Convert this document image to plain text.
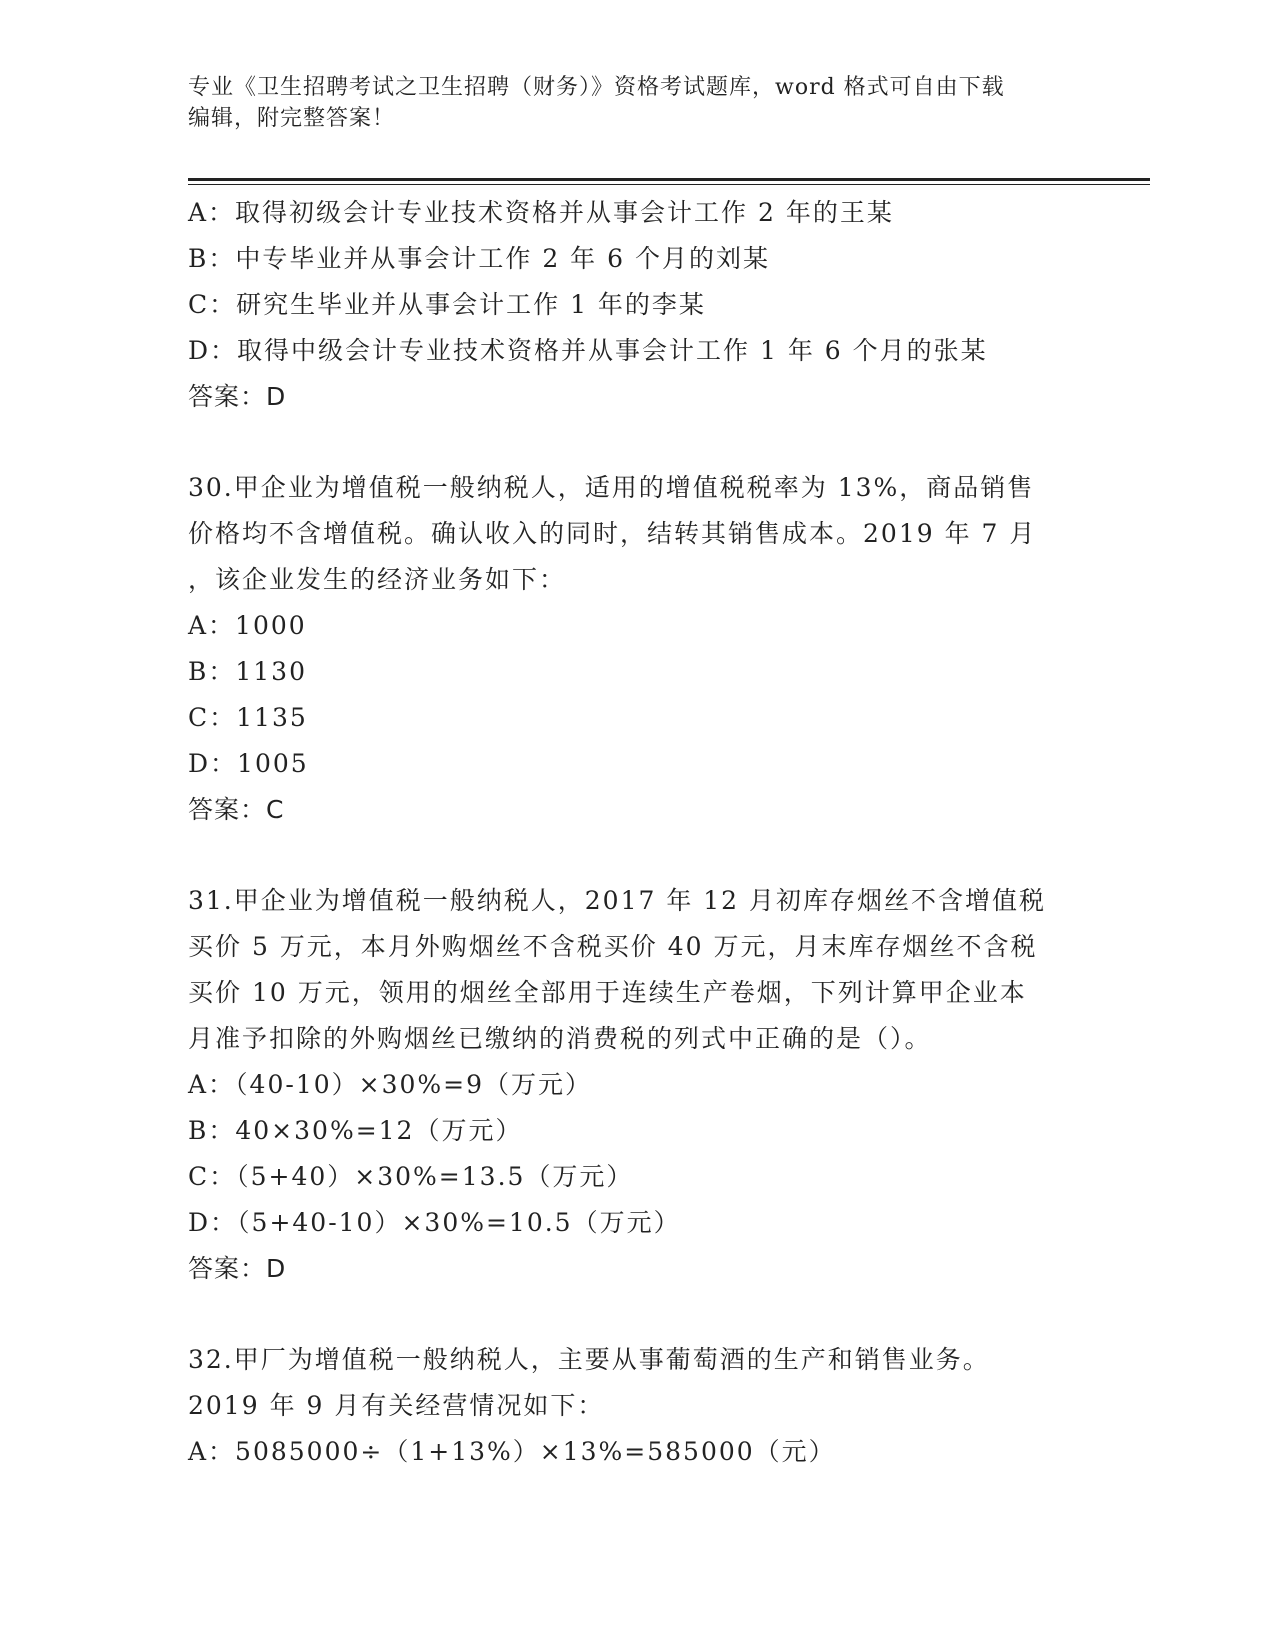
专业《卫生招聘考试之卫生招聘（财务）》资格考试题库，word 格式可自由下载
编辑，附完整答案！
A：取得初级会计专业技术资格并从事会计工作 2 年的王某
B：中专毕业并从事会计工作 2 年 6 个月的刘某
C：研究生毕业并从事会计工作 1 年的李某
D：取得中级会计专业技术资格并从事会计工作 1 年 6 个月的张某
答案：D
30.甲企业为增值税一般纳税人，适用的增值税税率为 13%，商品销售
价格均不含增值税。确认收入的同时，结转其销售成本。2019 年 7 月
，该企业发生的经济业务如下：
A：1000
B：1130
C：1135
D：1005
答案：C
31.甲企业为增值税一般纳税人，2017 年 12 月初库存烟丝不含增值税
买价 5 万元，本月外购烟丝不含税买价 40 万元，月末库存烟丝不含税
买价 10 万元，领用的烟丝全部用于连续生产卷烟，下列计算甲企业本
月准予扣除的外购烟丝已缴纳的消费税的列式中正确的是（）。
A：（40-10）×30%=9（万元）
B：40×30%=12（万元）
C：（5+40）×30%=13.5（万元）
D：（5+40-10）×30%=10.5（万元）
答案：D
32.甲厂为增值税一般纳税人，主要从事葡萄酒的生产和销售业务。
2019 年 9 月有关经营情况如下：
A：5085000÷（1+13%）×13%=585000（元）
